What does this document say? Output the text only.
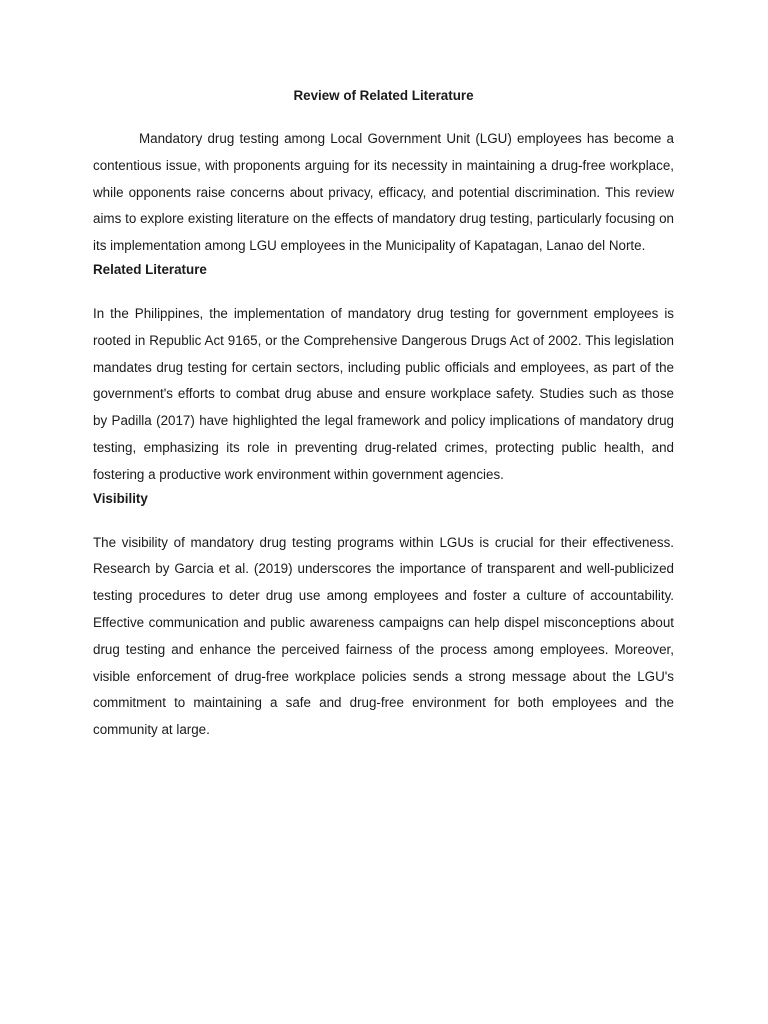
Review of Related Literature

Mandatory drug testing among Local Government Unit (LGU) employees has become a contentious issue, with proponents arguing for its necessity in maintaining a drug-free workplace, while opponents raise concerns about privacy, efficacy, and potential discrimination. This review aims to explore existing literature on the effects of mandatory drug testing, particularly focusing on its implementation among LGU employees in the Municipality of Kapatagan, Lanao del Norte.

Related Literature

In the Philippines, the implementation of mandatory drug testing for government employees is rooted in Republic Act 9165, or the Comprehensive Dangerous Drugs Act of 2002. This legislation mandates drug testing for certain sectors, including public officials and employees, as part of the government's efforts to combat drug abuse and ensure workplace safety. Studies such as those by Padilla (2017) have highlighted the legal framework and policy implications of mandatory drug testing, emphasizing its role in preventing drug-related crimes, protecting public health, and fostering a productive work environment within government agencies.

Visibility

The visibility of mandatory drug testing programs within LGUs is crucial for their effectiveness. Research by Garcia et al. (2019) underscores the importance of transparent and well-publicized testing procedures to deter drug use among employees and foster a culture of accountability. Effective communication and public awareness campaigns can help dispel misconceptions about drug testing and enhance the perceived fairness of the process among employees. Moreover, visible enforcement of drug-free workplace policies sends a strong message about the LGU's commitment to maintaining a safe and drug-free environment for both employees and the community at large.
